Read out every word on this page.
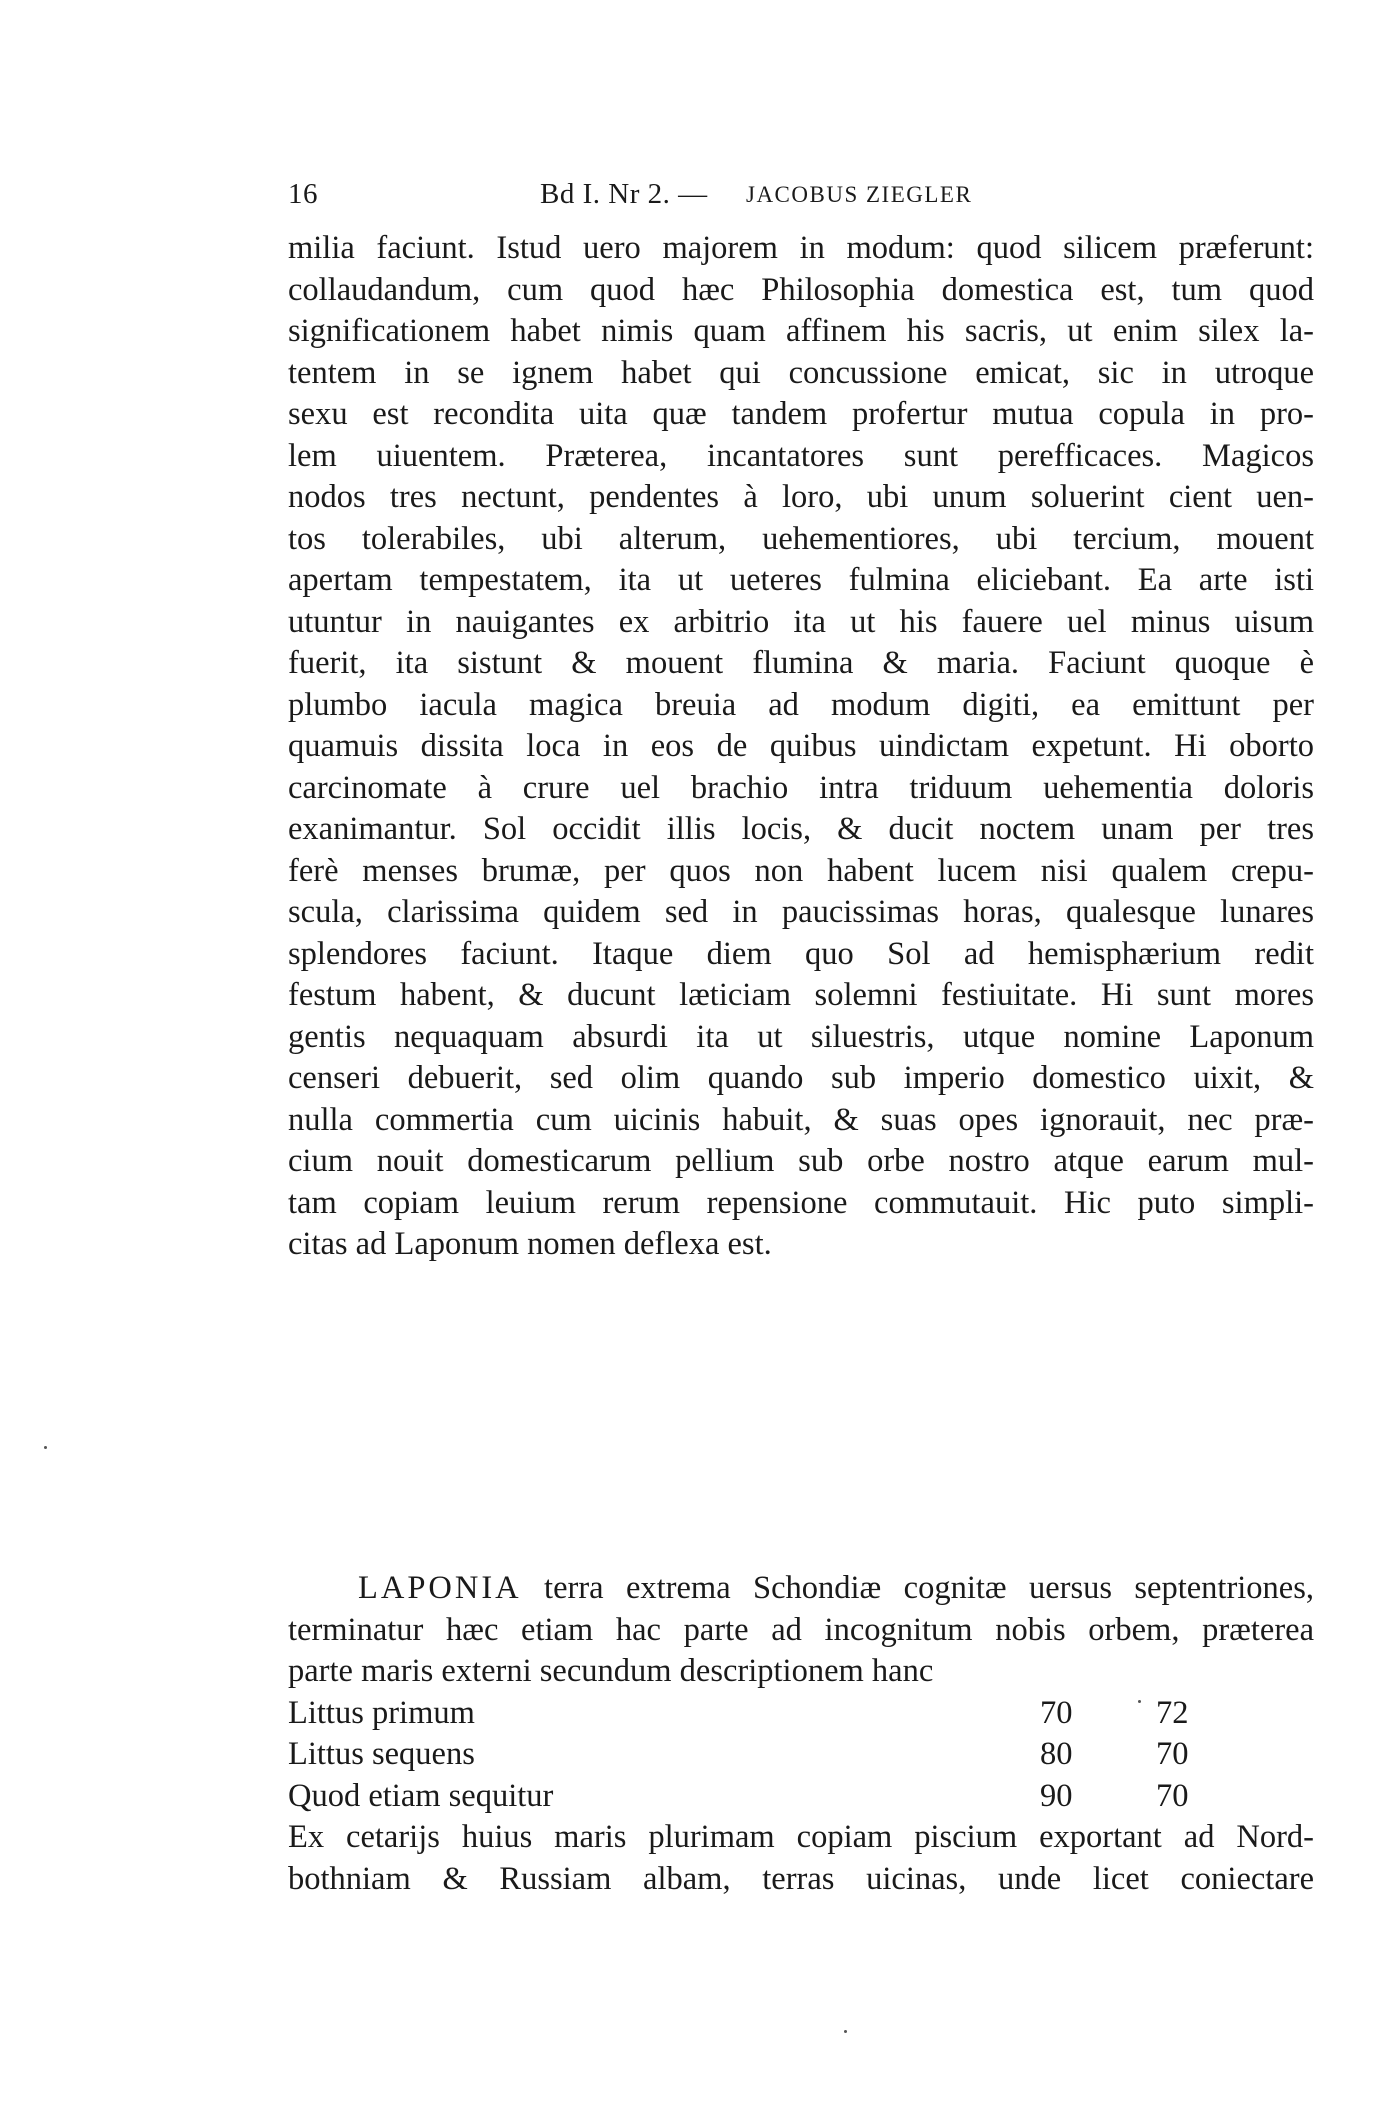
16	Bd I. Nr 2. — JACOBUS ZIEGLER
milia faciunt. Istud uero majorem in modum: quod silicem præferunt:
collaudandum, cum quod hæc Philosophia domestica est, tum quod
significationem habet nimis quam affinem his sacris, ut enim silex la-
tentem in se ignem habet qui concussione emicat, sic in utroque
sexu est recondita uita quæ tandem profertur mutua copula in pro-
lem uiuentem. Præterea, incantatores sunt perefficaces. Magicos
nodos tres nectunt, pendentes à loro, ubi unum soluerint cient uen-
tos tolerabiles, ubi alterum, uehementiores, ubi tercium, mouent
apertam tempestatem, ita ut ueteres fulmina eliciebant. Ea arte isti
utuntur in nauigantes ex arbitrio ita ut his fauere uel minus uisum
fuerit, ita sistunt & mouent flumina & maria. Faciunt quoque è
plumbo iacula magica breuia ad modum digiti, ea emittunt per
quamuis dissita loca in eos de quibus uindictam expetunt. Hi oborto
carcinomate à crure uel brachio intra triduum uehementia doloris
exanimantur. Sol occidit illis locis, & ducit noctem unam per tres
ferè menses brumæ, per quos non habent lucem nisi qualem crepu-
scula, clarissima quidem sed in paucissimas horas, qualesque lunares
splendores faciunt. Itaque diem quo Sol ad hemisphærium redit
festum habent, & ducunt læticiam solemni festiuitate. Hi sunt mores
gentis nequaquam absurdi ita ut siluestris, utque nomine Laponum
censeri debuerit, sed olim quando sub imperio domestico uixit, &
nulla commertia cum uicinis habuit, & suas opes ignorauit, nec præ-
cium nouit domesticarum pellium sub orbe nostro atque earum mul-
tam copiam leuium rerum repensione commutauit. Hic puto simpli-
citas ad Laponum nomen deflexa est.
LAPONIA terra extrema Schondiæ cognitæ uersus septentriones,
terminatur hæc etiam hac parte ad incognitum nobis orbem, præterea
parte maris externi secundum descriptionem hanc
Littus primum	70	72
Littus sequens	80	70
Quod etiam sequitur	90	70
Ex cetarijs huius maris plurimam copiam piscium exportant ad Nord-
bothniam & Russiam albam, terras uicinas, unde licet coniectare
